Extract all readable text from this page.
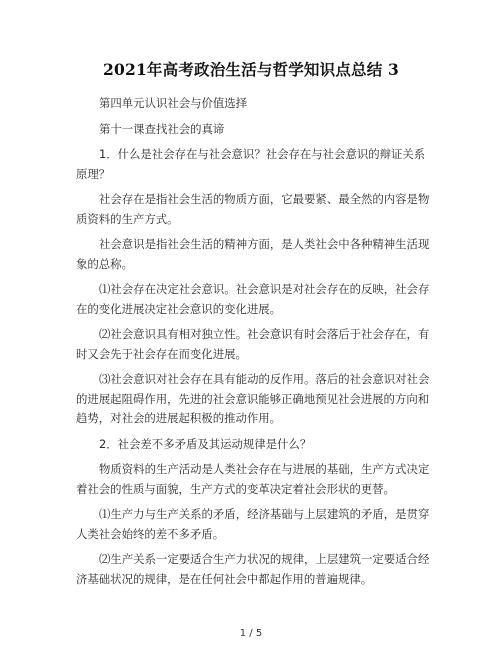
2021年高考政治生活与哲学知识点总结 3

第四单元认识社会与价值选择

第十一课查找社会的真谛

1．什么是社会存在与社会意识？社会存在与社会意识的辩证关系原理？

社会存在是指社会生活的物质方面，它最要紧、最全然的内容是物质资料的生产方式。

社会意识是指社会生活的精神方面，是人类社会中各种精神生活现象的总称。

⑴社会存在决定社会意识。社会意识是对社会存在的反映，社会存在的变化进展决定社会意识的变化进展。

⑵社会意识具有相对独立性。社会意识有时会落后于社会存在，有时又会先于社会存在而变化进展。

⑶社会意识对社会存在具有能动的反作用。落后的社会意识对社会的进展起阻碍作用，先进的社会意识能够正确地预见社会进展的方向和趋势，对社会的进展起积极的推动作用。

2．社会差不多矛盾及其运动规律是什么？

物质资料的生产活动是人类社会存在与进展的基础，生产方式决定着社会的性质与面貌，生产方式的变革决定着社会形状的更替。

⑴生产力与生产关系的矛盾，经济基础与上层建筑的矛盾，是贯穿人类社会始终的差不多矛盾。

⑵生产关系一定要适合生产力状况的规律，上层建筑一定要适合经济基础状况的规律，是在任何社会中都起作用的普遍规律。

1 / 5
